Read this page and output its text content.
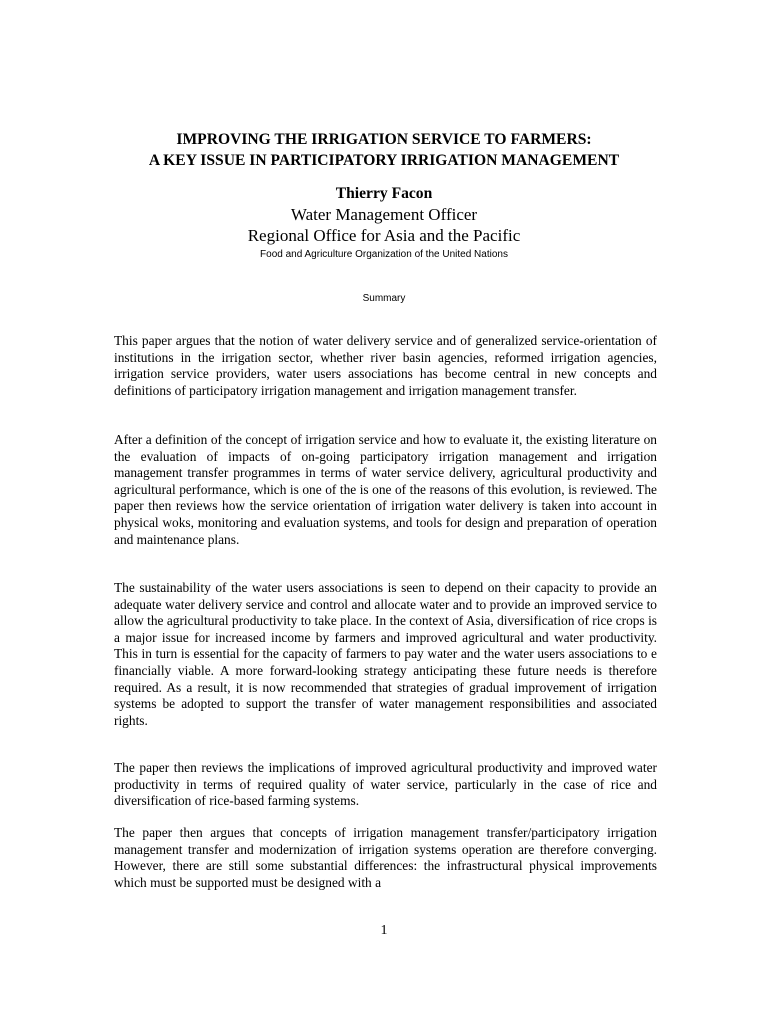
IMPROVING THE IRRIGATION SERVICE TO FARMERS:
A KEY ISSUE IN PARTICIPATORY IRRIGATION MANAGEMENT
Thierry Facon
Water Management Officer
Regional Office for Asia and the Pacific
Food and Agriculture Organization of the United Nations
Summary

This paper argues that the notion of water delivery service and of generalized service-orientation of institutions in the irrigation sector, whether river basin agencies, reformed irrigation agencies, irrigation service providers, water users associations has become central in new concepts and definitions of participatory irrigation management and irrigation management transfer.

After a definition of the concept of irrigation service and how to evaluate it, the existing literature on the evaluation of impacts of on-going participatory irrigation management and irrigation management transfer programmes in terms of water service delivery, agricultural productivity and agricultural performance, which is one of the is one of the reasons of this evolution, is reviewed. The paper then reviews how the service orientation of irrigation water delivery is taken into account in physical woks, monitoring and evaluation systems, and tools for design and preparation of operation and maintenance plans.

The sustainability of the water users associations is seen to depend on their capacity to provide an adequate water delivery service and control and allocate water and to provide an improved service to allow the agricultural productivity to take place. In the context of Asia, diversification of rice crops is a major issue for increased income by farmers and improved agricultural and water productivity. This in turn is essential for the capacity of farmers to pay water and the water users associations to e financially viable. A more forward-looking strategy anticipating these future needs is therefore required. As a result, it is now recommended that strategies of gradual improvement of irrigation systems be adopted to support the transfer of water management responsibilities and associated rights.

The paper then reviews the implications of improved agricultural productivity and improved water productivity in terms of required quality of water service, particularly in the case of rice and diversification of rice-based farming systems.

The paper then argues that concepts of irrigation management transfer/participatory irrigation management transfer and modernization of irrigation systems operation are therefore converging. However, there are still some substantial differences: the infrastructural physical improvements which must be supported must be designed with a

1
